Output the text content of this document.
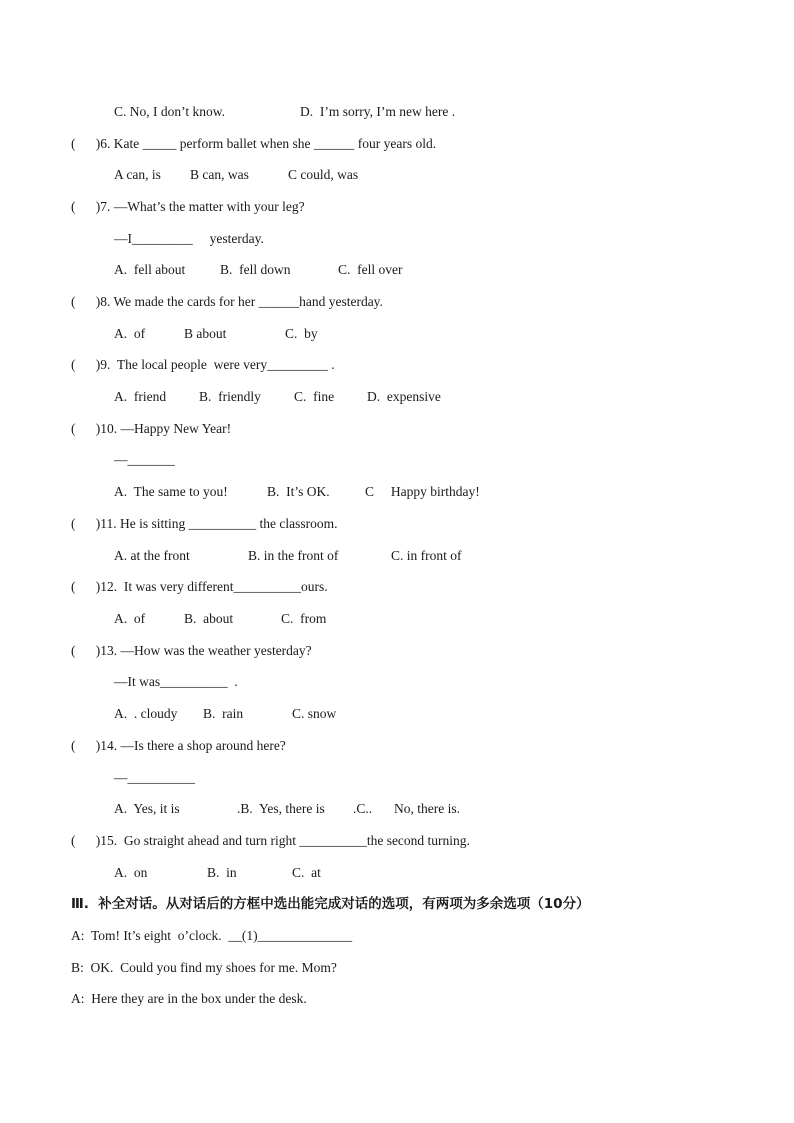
C. No, I don’t know.	D.  I’m sorry, I’m new here .
(      )6. Kate _____ perform ballet when she ______ four years old.
A can, is B can, was	C could, was
(      )7. —What’s the matter with your leg?
—I_________     yesterday.
A.  fell about	B.  fell down	C.  fell over
(      )8. We made the cards for her ______hand yesterday.
A.  of	B about	C.  by
(      )9.  The local people  were very_________ .
A.  friend B.  friendly C.  fine D.  expensive
(      )10. —Happy New Year!
—_______
A.  The same to you!	B.  It’s OK.	C     Happy birthday!
(      )11. He is sitting __________ the classroom.
A. at the front	B. in the front of	C. in front of
(      )12.  It was very different__________ours.
A.  of	B.  about	C.  from
(      )13. —How was the weather yesterday?
—It was__________  .
A.  . cloudy B.  rain	C. snow
(      )14. —Is there a shop around here?
—__________
A.  Yes, it is	.B.  Yes, there is .C.. No, there is.
(      )15.  Go straight ahead and turn right __________the second turning.
A.  on	B.  in	C.  at
Ⅲ.  补全对话。从对话后的方框中选出能完成对话的选项，有两项为多余选项（10分）
A:  Tom! It’s eight  o’clock.  __(1)______________
B:  OK.  Could you find my shoes for me. Mom?
A:  Here they are in the box under the desk.
